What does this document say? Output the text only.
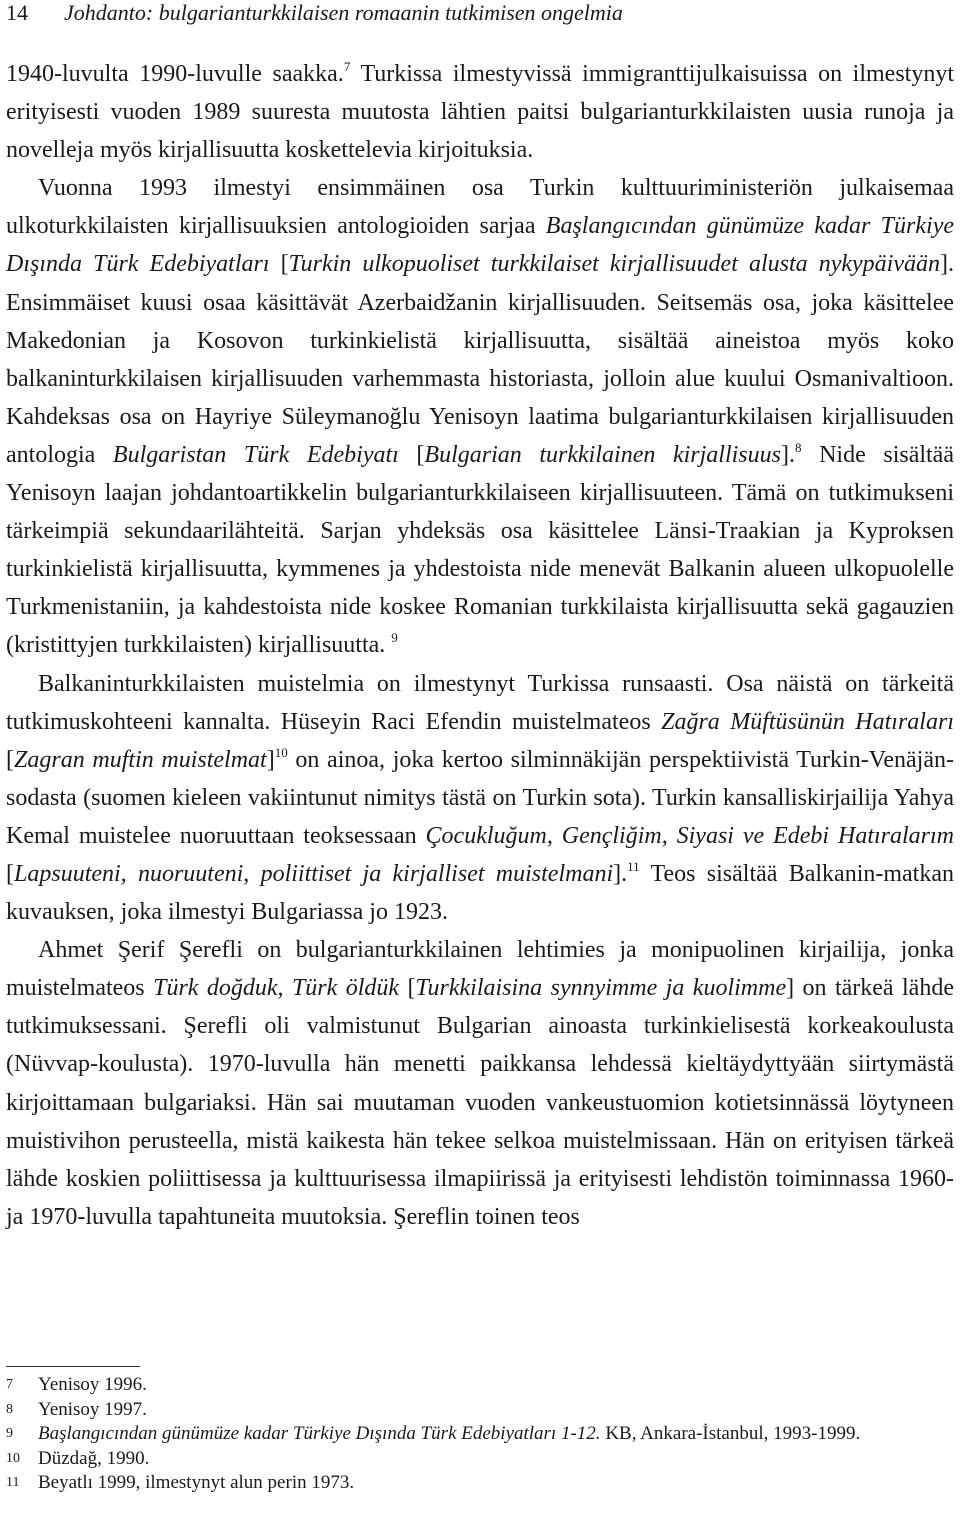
14 Johdanto: bulgarianturkkilaisen romaanin tutkimisen ongelmia

1940-luvulta 1990-luvulle saakka.$^7$ Turkissa ilmestyvissä immigranttijulkaisuissa on ilmestynyt erityisesti vuoden 1989 suuresta muutosta lähtien paitsi bulgarianturkkilaisten uusia runoja ja novelleja myös kirjallisuutta koskettelevia kirjoituksia.

Vuonna 1993 ilmestyi ensimmäinen osa Turkin kulttuuriministeriön julkaisemaa ulkoturkkilaisten kirjallisuuksien antologioiden sarjaa Başlangıcından günümüze kadar Türkiye Dışında Türk Edebiyatları [Turkin ulkopuoliset turkkilaiset kirjallisuudet alusta nykypäivään]. Ensimmäiset kuusi osaa käsittävät Azerbaidžanin kirjallisuuden. Seitsemäs osa, joka käsittelee Makedonian ja Kosovon turkinkielistä kirjallisuutta, sisältää aineistoa myös koko balkaninturkkilaisen kirjallisuuden varhemmasta historiasta, jolloin alue kuului Osmanivaltioon. Kahdeksas osa on Hayriye Süleymanoğlu Yenisoyn laatima bulgarianturkkilaisen kirjallisuuden antologia Bulgaristan Türk Edebiyatı [Bulgarian turkkilainen kirjallisuus].$^8$ Nide sisältää Yenisoyn laajan johdantoartikkelin bulgarianturkkilaiseen kirjallisuuteen. Tämä on tutkimukseni tärkeimpiä sekundaarilähteitä. Sarjan yhdeksäs osa käsittelee Länsi-Traakian ja Kyproksen turkinkielistä kirjallisuutta, kymmenes ja yhdestoista nide menevät Balkanin alueen ulkopuolelle Turkmenistaniin, ja kahdestoista nide koskee Romanian turkkilaista kirjallisuutta sekä gagauzien (kristittyjen turkkilaisten) kirjallisuutta. $^9$

Balkaninturkkilaisten muistelmia on ilmestynyt Turkissa runsaasti. Osa näistä on tärkeitä tutkimuskohteeni kannalta. Hüseyin Raci Efendin muistelmateos Zağra Müftüsünün Hatıraları [Zagran muftin muistelmat]$^{10}$ on ainoa, joka kertoo silminnäkijän perspektiivistä Turkin-Venäjän-sodasta (suomen kieleen vakiintunut nimitys tästä on Turkin sota). Turkin kansalliskirjailija Yahya Kemal muistelee nuoruuttaan teoksessaan Çocukluğum, Gençliğim, Siyasi ve Edebi Hatıralarım [Lapsuuteni, nuoruuteni, poliittiset ja kirjalliset muistelmani].$^{11}$ Teos sisältää Balkanin-matkan kuvauksen, joka ilmestyi Bulgariassa jo 1923.

Ahmet Şerif Şerefli on bulgarianturkkilainen lehtimies ja monipuolinen kirjailija, jonka muistelmateos Türk doğduk, Türk öldük [Turkkilaisina synnyimme ja kuolimme] on tärkeä lähde tutkimuksessani. Şerefli oli valmistunut Bulgarian ainoasta turkinkielisestä korkeakoulusta (Nüvvap-koulusta). 1970-luvulla hän menetti paikkansa lehdessä kieltäydyttyään siirtymästä kirjoittamaan bulgariaksi. Hän sai muutaman vuoden vankeustuomion kotietsinnässä löytyneen muistivihon perusteella, mistä kaikesta hän tekee selkoa muistelmissaan. Hän on erityisen tärkeä lähde koskien poliittisessa ja kulttuurisessa ilmapiirissä ja erityisesti lehdistön toiminnassa 1960- ja 1970-luvulla tapahtuneita muutoksia. Şereflin toinen teos

7	Yenisoy 1996.
8	Yenisoy 1997.
9	Başlangıcından günümüze kadar Türkiye Dışında Türk Edebiyatları 1-12. KB, Ankara-İstanbul, 1993-1999.
10 Düzdağ, 1990.
11 Beyatlı 1999, ilmestynyt alun perin 1973.
